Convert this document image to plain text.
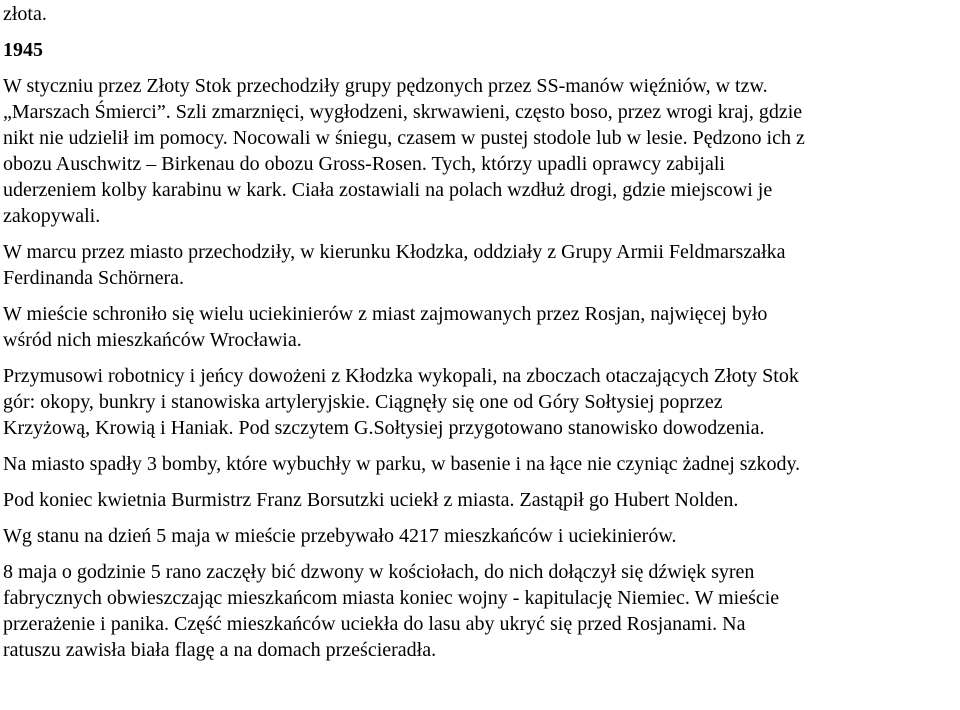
złota.
1945
W styczniu przez Złoty Stok przechodziły grupy pędzonych przez SS-manów więźniów, w tzw.
„Marszach Śmierci”. Szli zmarznięci, wygłodzeni, skrwawieni, często boso, przez wrogi kraj, gdzie
nikt nie udzielił im pomocy. Nocowali w śniegu, czasem w pustej stodole lub w lesie. Pędzono ich z
obozu Auschwitz – Birkenau do obozu Gross-Rosen. Tych, którzy upadli oprawcy zabijali
uderzeniem kolby karabinu w kark. Ciała zostawiali na polach wzdłuż drogi, gdzie miejscowi je
zakopywali.
W marcu przez miasto przechodziły, w kierunku Kłodzka, oddziały z Grupy Armii Feldmarszałka
Ferdinanda Schörnera.
W mieście schroniło się wielu uciekinierów z miast zajmowanych przez Rosjan, najwięcej było
wśród nich mieszkańców Wrocławia.
Przymusowi robotnicy i jeńcy dowożeni z Kłodzka wykopali, na zboczach otaczających Złoty Stok
gór: okopy, bunkry i stanowiska artyleryjskie. Ciągnęły się one od Góry Sołtysiej poprzez
Krzyżową, Krowią i Haniak. Pod szczytem G.Sołtysiej przygotowano stanowisko dowodzenia.
Na miasto spadły 3 bomby, które wybuchły w parku, w basenie i na łące nie czyniąc żadnej szkody.
Pod koniec kwietnia Burmistrz Franz Borsutzki uciekł z miasta. Zastąpił go Hubert Nolden.
Wg stanu na dzień 5 maja w mieście przebywało 4217 mieszkańców i uciekinierów.
8 maja o godzinie 5 rano zaczęły bić dzwony w kościołach, do nich dołączył się dźwięk syren
fabrycznych obwieszczając mieszkańcom miasta koniec wojny - kapitulację Niemiec. W mieście
przerażenie i panika. Część mieszkańców uciekła do lasu aby ukryć się przed Rosjanami. Na
ratuszu zawisła biała flagę a na domach prześcieradła.
